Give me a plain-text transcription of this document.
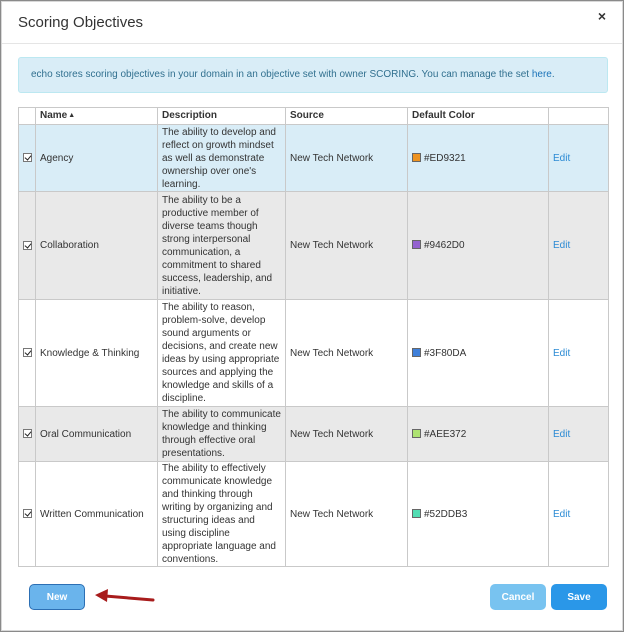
Scoring Objectives	×
echo stores scoring objectives in your domain in an objective set with owner SCORING. You can manage the set here.
	Name▲	Description	Source	Default Color	
	Agency	The ability to develop and reflect on growth mindset as well as demonstrate ownership over one's learning.	New Tech Network	#ED9321	Edit
	Collaboration	The ability to be a productive member of diverse teams though strong interpersonal communication, a commitment to shared success, leadership, and initiative.	New Tech Network	#9462D0	Edit
	Knowledge & Thinking	The ability to reason, problem-solve, develop sound arguments or decisions, and create new ideas by using appropriate sources and applying the knowledge and skills of a discipline.	New Tech Network	#3F80DA	Edit
	Oral Communication	The ability to communicate knowledge and thinking through effective oral presentations.	New Tech Network	#AEE372	Edit
	Written Communication	The ability to effectively communicate knowledge and thinking through writing by organizing and structuring ideas and using discipline appropriate language and conventions.	New Tech Network	#52DDB3	Edit
New	Cancel	Save
